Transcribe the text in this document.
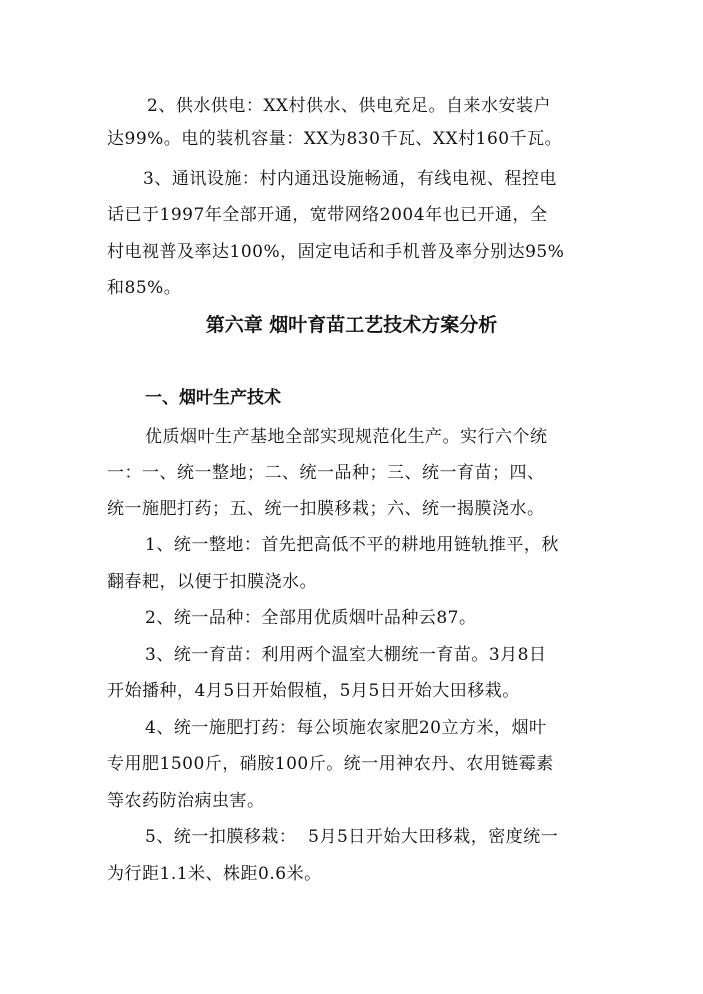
2、供水供电：XX村供水、供电充足。自来水安装户
达99%。电的装机容量：XX为830千瓦、XX村160千瓦。
3、通讯设施：村内通迅设施畅通，有线电视、程控电
话已于1997年全部开通，宽带网络2004年也已开通，全
村电视普及率达100%，固定电话和手机普及率分别达95%
和85%。
第六章 烟叶育苗工艺技术方案分析
一、烟叶生产技术
优质烟叶生产基地全部实现规范化生产。实行六个统
一：一、统一整地；二、统一品种；三、统一育苗；四、
统一施肥打药；五、统一扣膜移栽；六、统一揭膜浇水。
1、统一整地：首先把高低不平的耕地用链轨推平，秋
翻春耙，以便于扣膜浇水。
2、统一品种：全部用优质烟叶品种云87。
3、统一育苗：利用两个温室大棚统一育苗。3月8日
开始播种，4月5日开始假植，5月5日开始大田移栽。
4、统一施肥打药：每公顷施农家肥20立方米，烟叶
专用肥1500斤，硝胺100斤。统一用神农丹、农用链霉素
等农药防治病虫害。
5、统一扣膜移栽：  5月5日开始大田移栽，密度统一
为行距1.1米、株距0.6米。
